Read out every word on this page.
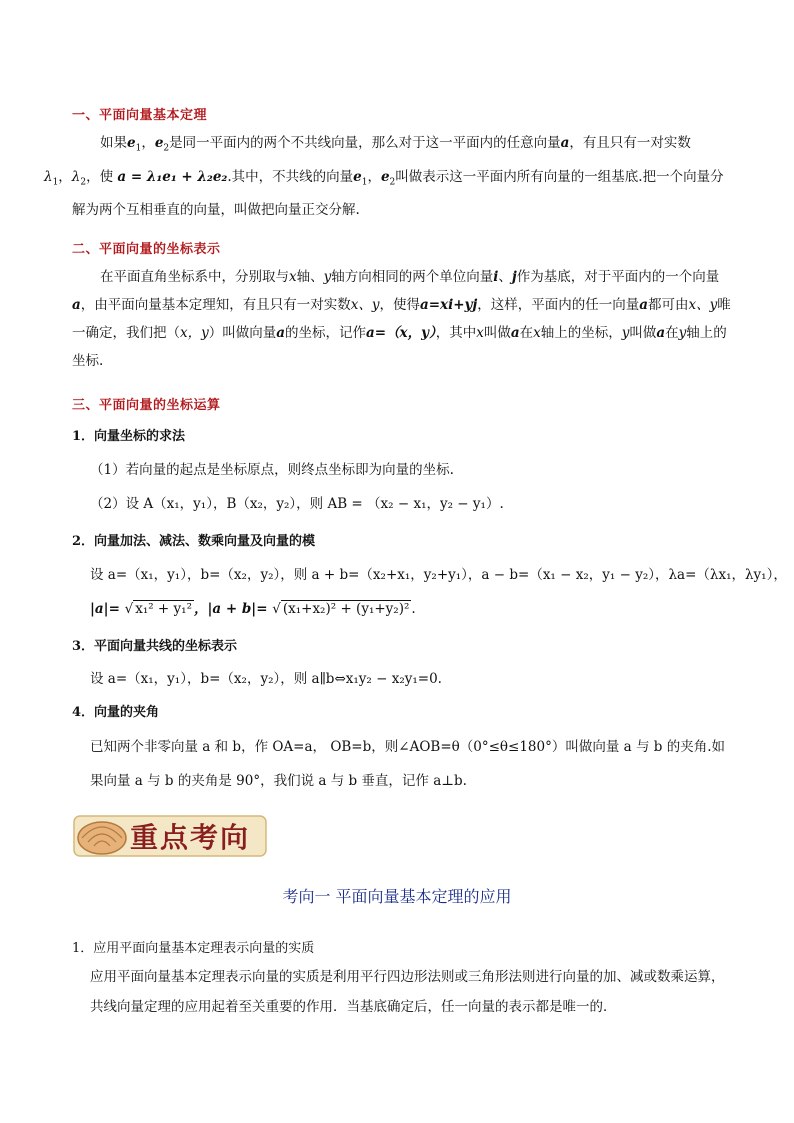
一、平面向量基本定理
如果$e_1$，$e_2$是同一平面内的两个不共线向量，那么对于这一平面内的任意向量a，有且只有一对实数
$\lambda_1$，$\lambda_2$，使 a = λ₁e₁ + λ₂e₂.其中，不共线的向量$e_1$，$e_2$叫做表示这一平面内所有向量的一组基底.把一个向量分解为两个互相垂直的向量，叫做把向量正交分解.
二、平面向量的坐标表示
在平面直角坐标系中，分别取与x轴、y轴方向相同的两个单位向量i、j作为基底，对于平面内的一个向量a，由平面向量基本定理知，有且只有一对实数x、y，使得a=xi+yj，这样，平面内的任一向量a都可由x、y唯一确定，我们把（x，y）叫做向量a的坐标，记作a=（x，y），其中x叫做a在x轴上的坐标，y叫做a在y轴上的坐标.
三、平面向量的坐标运算
1．向量坐标的求法
（1）若向量的起点是坐标原点，则终点坐标即为向量的坐标.
（2）设 A（x₁，y₁），B（x₂，y₂），则 AB = （x₂ − x₁，y₂ − y₁）.
2．向量加法、减法、数乘向量及向量的模
设 a=（x₁，y₁），b=（x₂，y₂），则 a + b=（x₂+x₁，y₂+y₁），a − b=（x₁ − x₂，y₁ − y₂），λa=（λx₁，λy₁），
|a|= √ x₁² + y₁² ，|a + b|= √ (x₁+x₂)² + (y₁+y₂)² .
3．平面向量共线的坐标表示
设 a=（x₁，y₁），b=（x₂，y₂），则 a∥b⇔x₁y₂ − x₂y₁=0.
4．向量的夹角
已知两个非零向量 a 和 b，作 OA=a， OB=b，则∠AOB=θ（0°≤θ≤180°）叫做向量 a 与 b 的夹角.如果向量 a 与 b 的夹角是 90°，我们说 a 与 b 垂直，记作 a⊥b.
重点考向
考向一 平面向量基本定理的应用
1．应用平面向量基本定理表示向量的实质
应用平面向量基本定理表示向量的实质是利用平行四边形法则或三角形法则进行向量的加、减或数乘运算，共线向量定理的应用起着至关重要的作用．当基底确定后，任一向量的表示都是唯一的．
